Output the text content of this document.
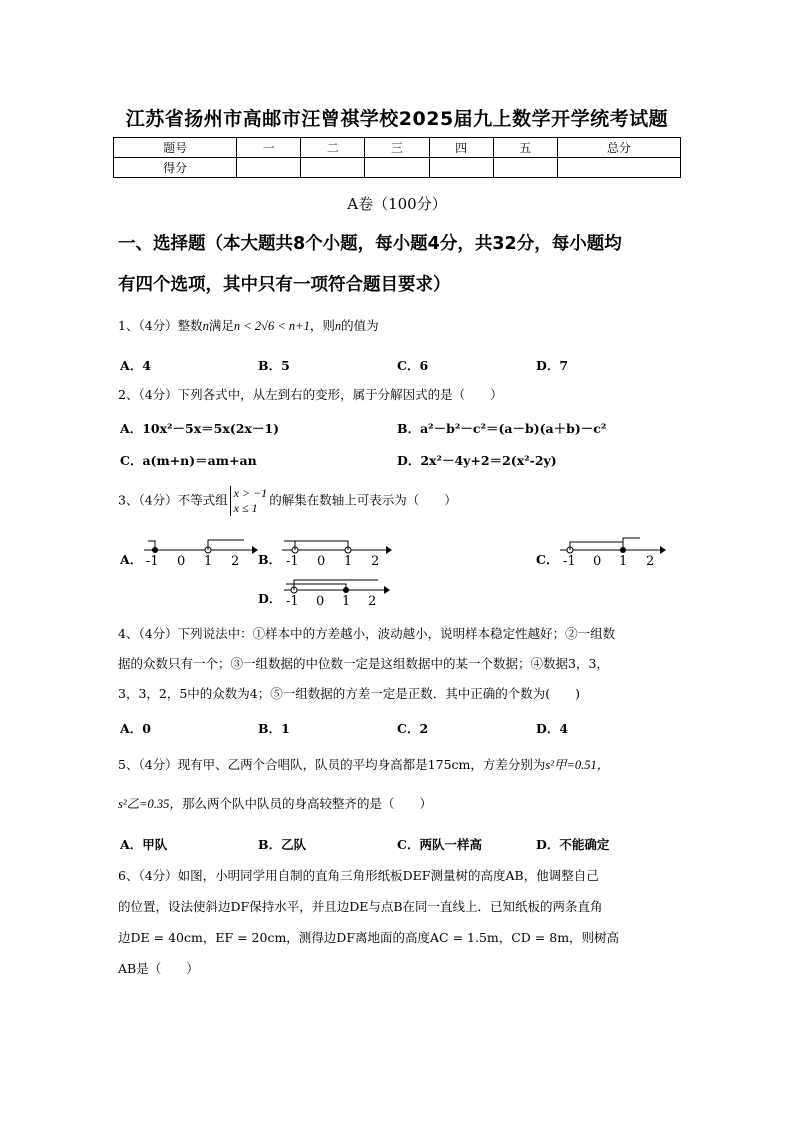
江苏省扬州市高邮市汪曾祺学校2025届九上数学开学统考试题
题号	一	二	三	四	五	总分
得分						
A卷（100分）
一、选择题（本大题共8个小题，每小题4分，共32分，每小题均
有四个选项，其中只有一项符合题目要求）
1、（4分）整数n满足n < 2√6 < n+1，则n的值为
A．4	B．5	C．6	D．7
2、（4分）下列各式中，从左到右的变形，属于分解因式的是（　　）
A．10x²－5x＝5x(2x－1)	B．a²－b²－c²＝(a－b)(a＋b)－c²
C．a(m+n)＝am+an	D．2x²－4y+2＝2(x²-2y)
3、（4分）不等式组 x > −1
x ≤ 1的解集在数轴上可表示为（　　）
A． -1 0 1 2 B． -1 0 1 2	C． -1 0 1 2
D． -1 0 1 2
4、（4分）下列说法中：①样本中的方差越小，波动越小，说明样本稳定性越好；②一组数
据的众数只有一个；③一组数据的中位数一定是这组数据中的某一个数据；④数据3，3，
3，3，2，5中的众数为4；⑤一组数据的方差一定是正数．其中正确的个数为(　　)
A．0	B．1	C．2	D．4
5、（4分）现有甲、乙两个合唱队，队员的平均身高都是175cm，方差分别为s²甲=0.51，
s²乙=0.35，那么两个队中队员的身高较整齐的是（　　）
A．甲队	B．乙队	C．两队一样高	D．不能确定
6、（4分）如图，小明同学用自制的直角三角形纸板DEF测量树的高度AB，他调整自己
的位置，设法使斜边DF保持水平，并且边DE与点B在同一直线上．已知纸板的两条直角
边DE = 40cm，EF = 20cm，测得边DF离地面的高度AC = 1.5m，CD = 8m，则树高
AB是（　　）
